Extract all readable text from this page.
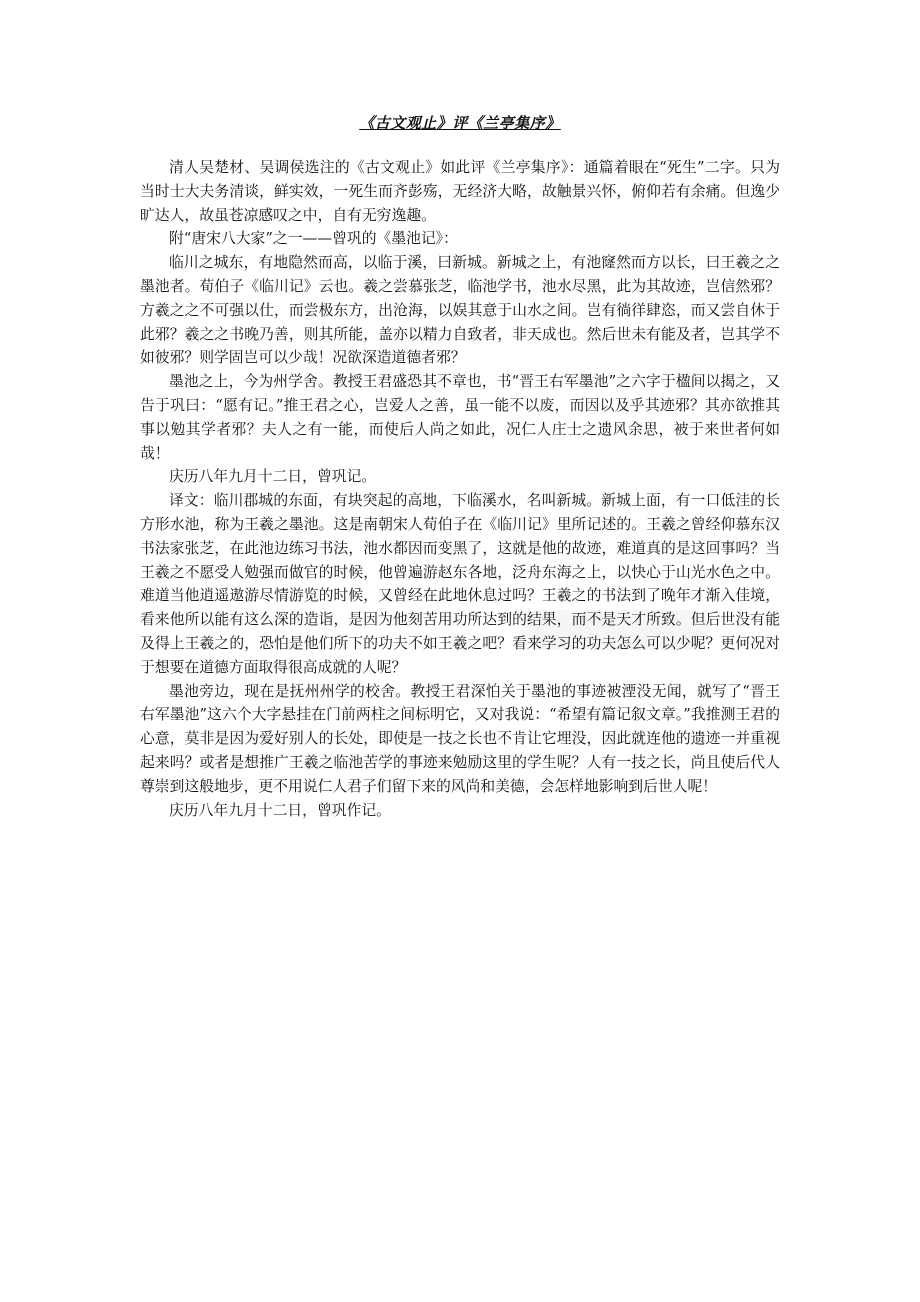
《古文观止》评《兰亭集序》

清人吴楚材、吴调侯选注的《古文观止》如此评《兰亭集序》：通篇着眼在“死生”二字。只为当时士大夫务清谈，鲜实效，一死生而齐彭殇，无经济大略，故触景兴怀，俯仰若有余痛。但逸少旷达人，故虽苍凉感叹之中，自有无穷逸趣。

附“唐宋八大家”之一——曾巩的《墨池记》：

临川之城东，有地隐然而高，以临于溪，曰新城。新城之上，有池窿然而方以长，曰王羲之之墨池者。荀伯子《临川记》云也。羲之尝慕张芝，临池学书，池水尽黑，此为其故迹，岂信然邪？方羲之之不可强以仕，而尝极东方，出沧海，以娱其意于山水之间。岂有徜徉肆恣，而又尝自休于此邪？羲之之书晚乃善，则其所能，盖亦以精力自致者，非天成也。然后世未有能及者，岂其学不如彼邪？则学固岂可以少哉！况欲深造道德者邪？

墨池之上，今为州学舍。教授王君盛恐其不章也，书“晋王右军墨池”之六字于楹间以揭之，又告于巩曰：“愿有记。”推王君之心，岂爱人之善，虽一能不以废，而因以及乎其迹邪？其亦欲推其事以勉其学者邪？夫人之有一能，而使后人尚之如此，况仁人庄士之遗风余思，被于来世者何如哉！

庆历八年九月十二日，曾巩记。

译文：临川郡城的东面，有块突起的高地，下临溪水，名叫新城。新城上面，有一口低洼的长方形水池，称为王羲之墨池。这是南朝宋人荀伯子在《临川记》里所记述的。王羲之曾经仰慕东汉书法家张芝，在此池边练习书法，池水都因而变黑了，这就是他的故迹，难道真的是这回事吗？当王羲之不愿受人勉强而做官的时候，他曾遍游赵东各地，泛舟东海之上，以快心于山光水色之中。难道当他逍遥遨游尽情游览的时候，又曾经在此地休息过吗？王羲之的书法到了晚年才渐入佳境，看来他所以能有这么深的造诣，是因为他刻苦用功所达到的结果，而不是天才所致。但后世没有能及得上王羲之的，恐怕是他们所下的功夫不如王羲之吧？看来学习的功夫怎么可以少呢？更何况对于想要在道德方面取得很高成就的人呢？

墨池旁边，现在是抚州州学的校舍。教授王君深怕关于墨池的事迹被湮没无闻，就写了“晋王右军墨池”这六个大字悬挂在门前两柱之间标明它，又对我说：“希望有篇记叙文章。”我推测王君的心意，莫非是因为爱好别人的长处，即使是一技之长也不肯让它埋没，因此就连他的遗迹一并重视起来吗？或者是想推广王羲之临池苦学的事迹来勉励这里的学生呢？人有一技之长，尚且使后代人尊崇到这般地步，更不用说仁人君子们留下来的风尚和美德，会怎样地影响到后世人呢！

庆历八年九月十二日，曾巩作记。
